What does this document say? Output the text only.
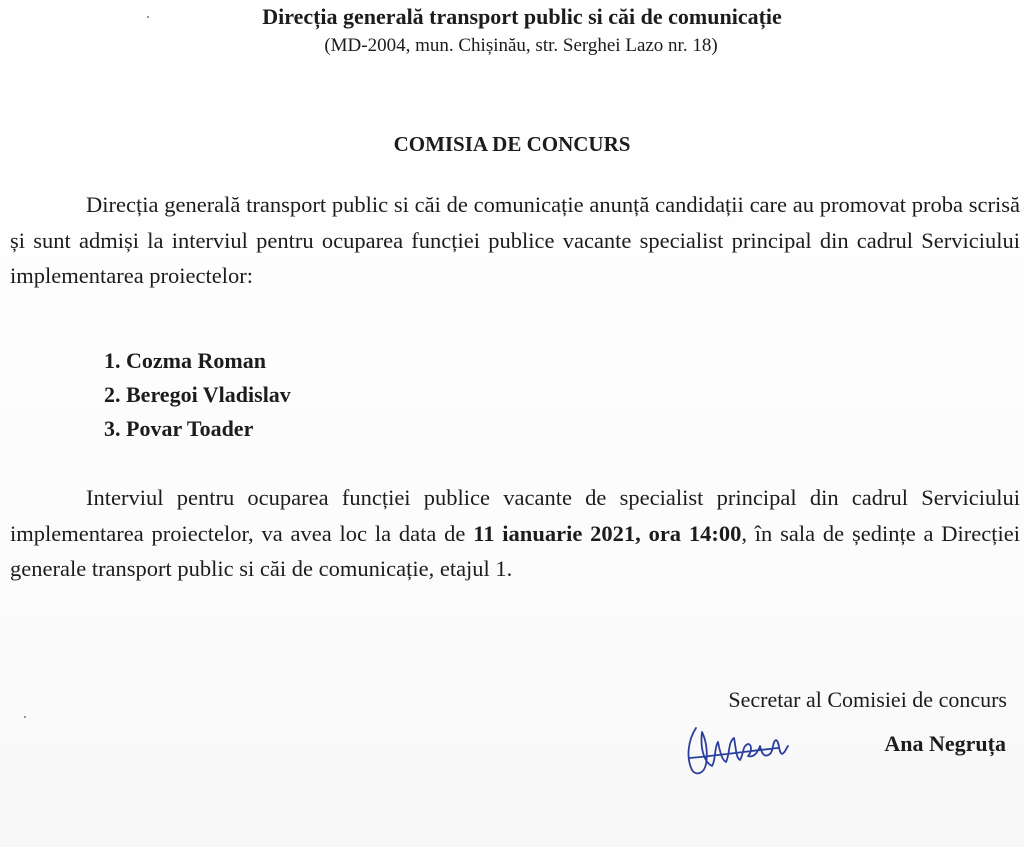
Direcția generală transport public si căi de comunicație
(MD-2004, mun. Chișinău, str. Serghei Lazo nr. 18)
COMISIA DE CONCURS

Direcția generală transport public si căi de comunicație anunță candidații care au promovat proba scrisă și sunt admiși la interviul pentru ocuparea funcției publice vacante specialist principal din cadrul Serviciului implementarea proiectelor:

1. Cozma Roman
2. Beregoi Vladislav
3. Povar Toader

Interviul pentru ocuparea funcției publice vacante de specialist principal din cadrul Serviciului implementarea proiectelor, va avea loc la data de 11 ianuarie 2021, ora 14:00, în sala de ședințe a Direcției generale transport public si căi de comunicație, etajul 1.

Secretar al Comisiei de concurs
Ana Negruța
